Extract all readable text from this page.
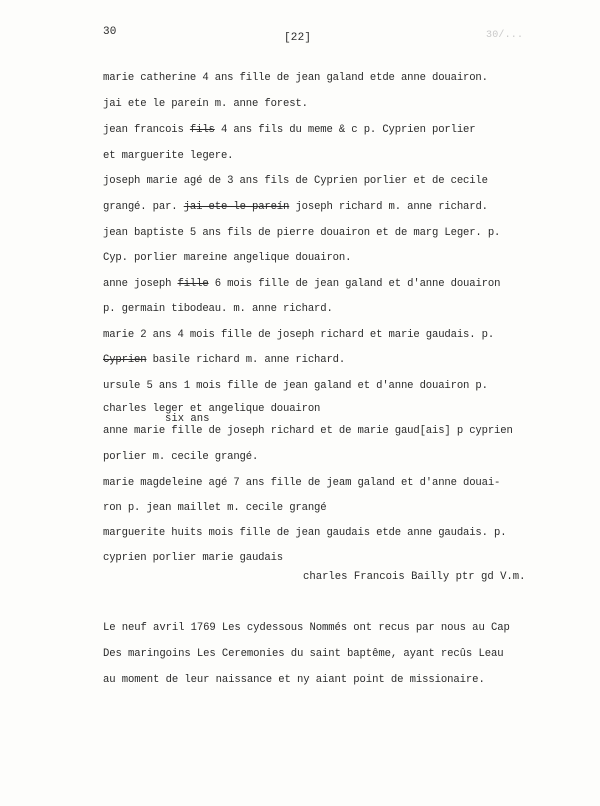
30	[22]	30/...
marie catherine 4 ans fille de jean galand etde anne douairon.
jai ete le pareín m. anne forest.
jean francois fils 4 ans fils du meme & c p. Cyprien porlier
et marguerite legere.
joseph marie agé de 3 ans fils de Cyprien porlier et de cecile
grangé. par. jai ete le pareín joseph richard m. anne richard.
jean baptiste 5 ans fils de pierre douairon et de marg Leger. p.
Cyp. porlier mareine angelique douairon.
anne joseph fille 6 mois fille de jean galand et d'anne douairon
p. germain tibodeau. m. anne richard.
marie 2 ans 4 mois fille de joseph richard et marie gaudais. p.
Cyprien basile richard m. anne richard.
ursule 5 ans 1 mois fille de jean galand et d'anne douairon p.
charles leger et angelique douairon
anne marie fille de joseph richard et de marie gaud[ais] p cyprien
porlier m. cecile grangé.
marie magdeleine agé 7 ans fille de jeam galand et d'anne douai-
ron p. jean maillet m. cecile grangé
marguerite huits mois fille de jean gaudais etde anne gaudais. p.
cyprien porlier marie gaudais
six ans
charles Francois Bailly ptr gd V.m.
Le neuf avril 1769 Les cydessous Nommés ont recus par nous au Cap
Des maringoins Les Ceremonies du saint baptême, ayant recûs Leau
au moment de leur naissance et ny aiant point de missionaire.
